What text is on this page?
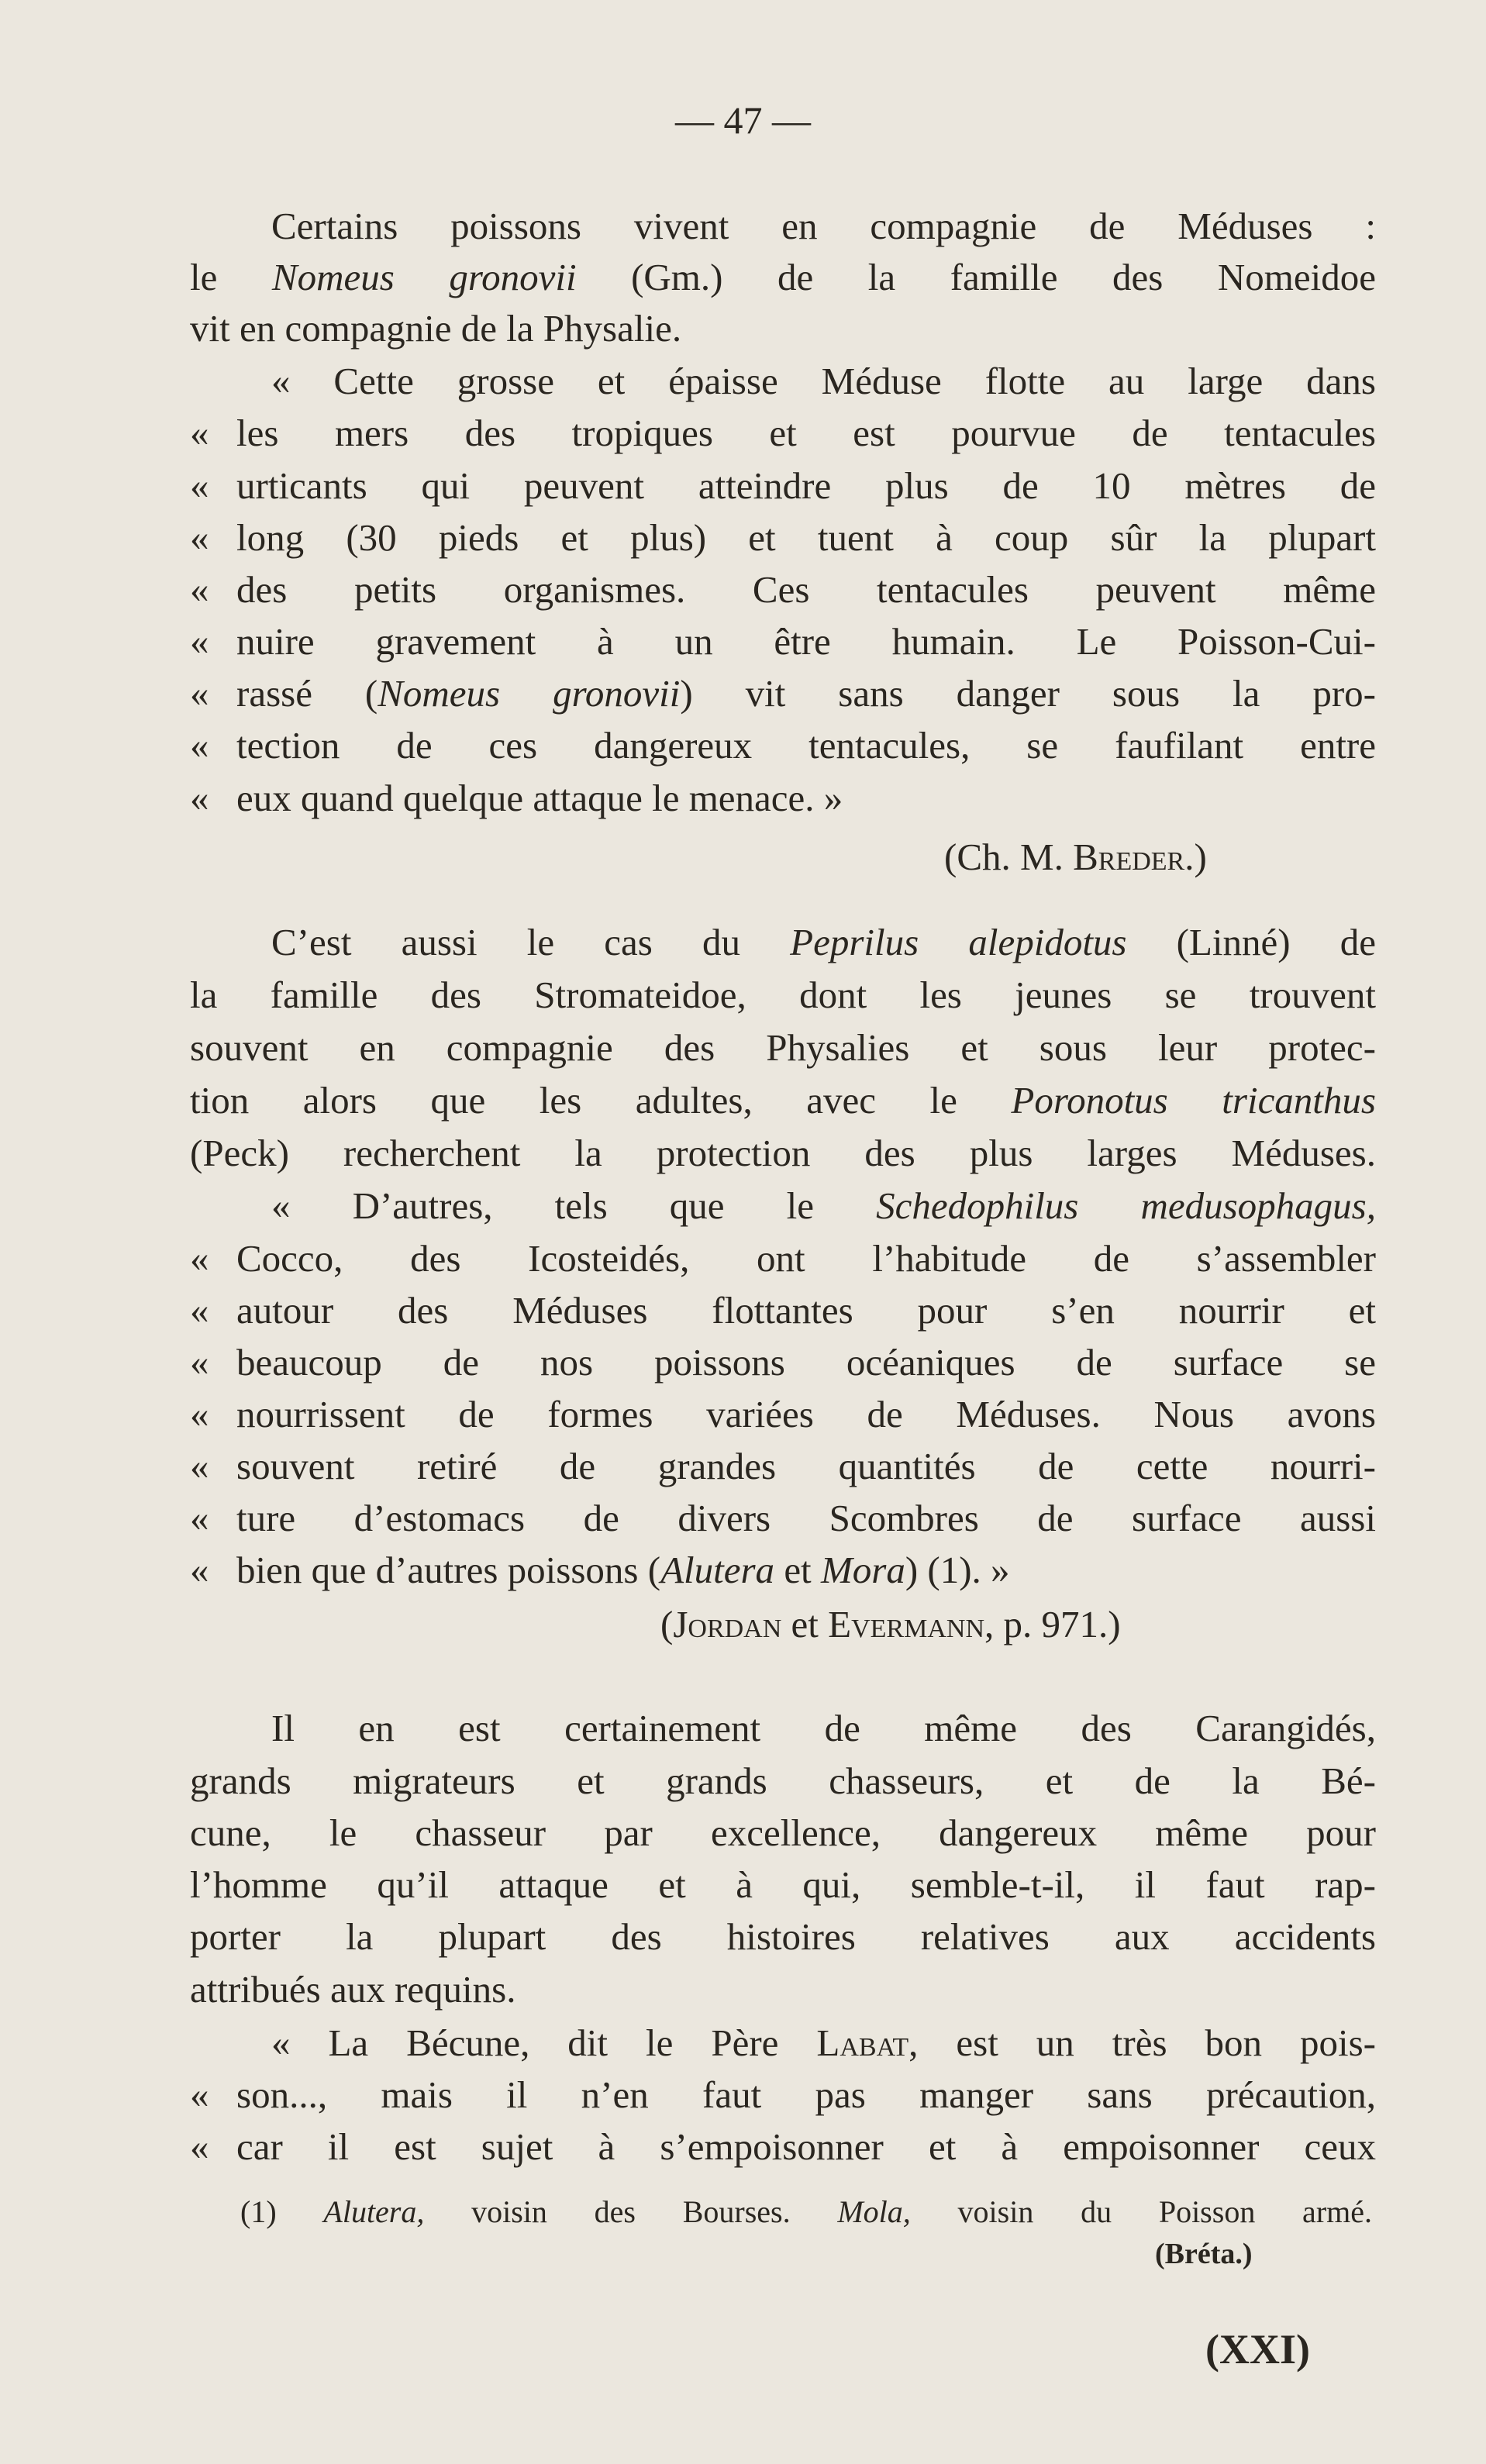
— 47 —
Certains poissons vivent en compagnie de Méduses :
le Nomeus gronovii (Gm.) de la famille des Nomeidoe
vit en compagnie de la Physalie.
« Cette grosse et épaisse Méduse flotte au large dans
« les mers des tropiques et est pourvue de tentacules
« urticants qui peuvent atteindre plus de 10 mètres de
« long (30 pieds et plus) et tuent à coup sûr la plupart
« des petits organismes. Ces tentacules peuvent même
« nuire gravement à un être humain. Le Poisson-Cui-
« rassé (Nomeus gronovii) vit sans danger sous la pro-
« tection de ces dangereux tentacules, se faufilant entre
« eux quand quelque attaque le menace. »
(Ch. M. Breder.)
C’est aussi le cas du Peprilus alepidotus (Linné) de
la famille des Stromateidoe, dont les jeunes se trouvent
souvent en compagnie des Physalies et sous leur protec-
tion alors que les adultes, avec le Poronotus tricanthus
(Peck) recherchent la protection des plus larges Méduses.
« D’autres, tels que le Schedophilus medusophagus,
« Cocco, des Icosteidés, ont l’habitude de s’assembler
« autour des Méduses flottantes pour s’en nourrir et
« beaucoup de nos poissons océaniques de surface se
« nourrissent de formes variées de Méduses. Nous avons
« souvent retiré de grandes quantités de cette nourri-
« ture d’estomacs de divers Scombres de surface aussi
« bien que d’autres poissons (Alutera et Mora) (1). »
(Jordan et Evermann, p. 971.)
Il en est certainement de même des Carangidés,
grands migrateurs et grands chasseurs, et de la Bé-
cune, le chasseur par excellence, dangereux même pour
l’homme qu’il attaque et à qui, semble-t-il, il faut rap-
porter la plupart des histoires relatives aux accidents
attribués aux requins.
« La Bécune, dit le Père Labat, est un très bon pois-
« son..., mais il n’en faut pas manger sans précaution,
« car il est sujet à s’empoisonner et à empoisonner ceux
(1) Alutera, voisin des Bourses. Mola, voisin du Poisson armé.
(Bréta.)
(XXI)
